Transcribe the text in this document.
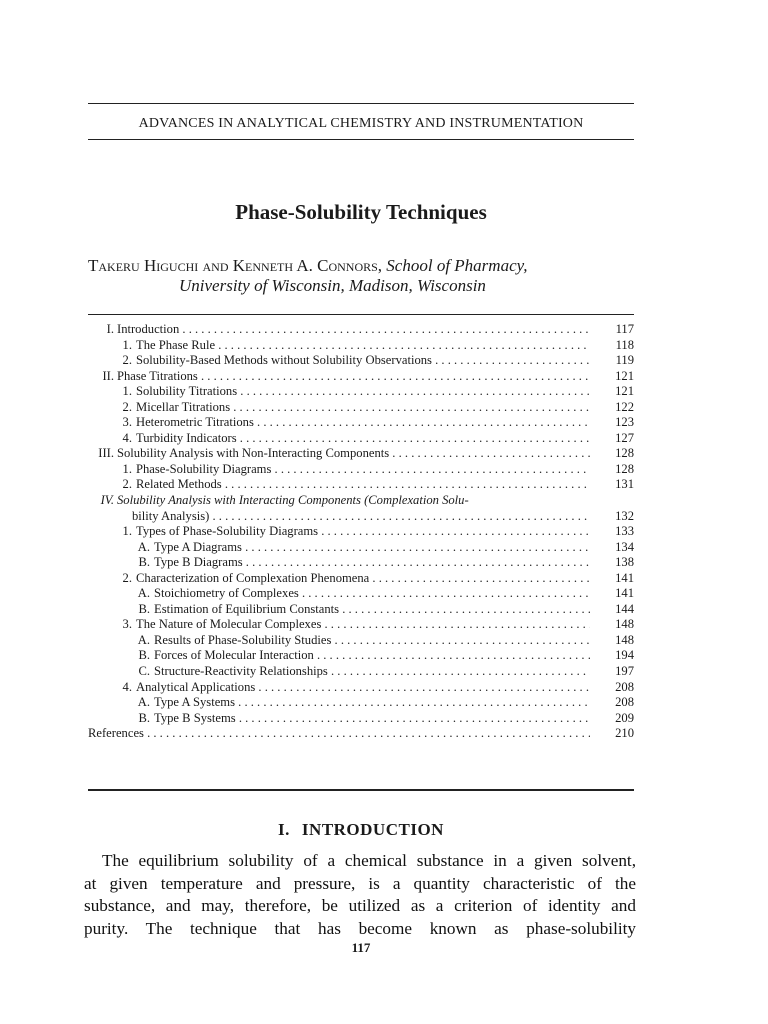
ADVANCES IN ANALYTICAL CHEMISTRY AND INSTRUMENTATION
Phase-Solubility Techniques
Takeru Higuchi and Kenneth A. Connors, School of Pharmacy,
University of Wisconsin, Madison, Wisconsin
I. Introduction . . .	117
1. The Phase Rule . . .	118
2. Solubility-Based Methods without Solubility Observations . . .	119
II. Phase Titrations . . .	121
1. Solubility Titrations . . .	121
2. Micellar Titrations . . .	122
3. Heterometric Titrations . . .	123
4. Turbidity Indicators . . .	127
III. Solubility Analysis with Non-Interacting Components . . .	128
1. Phase-Solubility Diagrams . . .	128
2. Related Methods . . .	131
IV. Solubility Analysis with Interacting Components (Complexation Solu-
bility Analysis) . . .	132
1. Types of Phase-Solubility Diagrams . . .	133
A. Type A Diagrams . . .	134
B. Type B Diagrams . . .	138
2. Characterization of Complexation Phenomena . . .	141
A. Stoichiometry of Complexes . . .	141
B. Estimation of Equilibrium Constants . . .	144
3. The Nature of Molecular Complexes . . .	148
A. Results of Phase-Solubility Studies . . .	148
B. Forces of Molecular Interaction . . .	194
C. Structure-Reactivity Relationships . . .	197
4. Analytical Applications . . .	208
A. Type A Systems . . .	208
B. Type B Systems . . .	209
References . . .	210
I. INTRODUCTION
The equilibrium solubility of a chemical substance in a given solvent,
at given temperature and pressure, is a quantity characteristic of the
substance, and may, therefore, be utilized as a criterion of identity and
purity. The technique that has become known as phase-solubility
117
